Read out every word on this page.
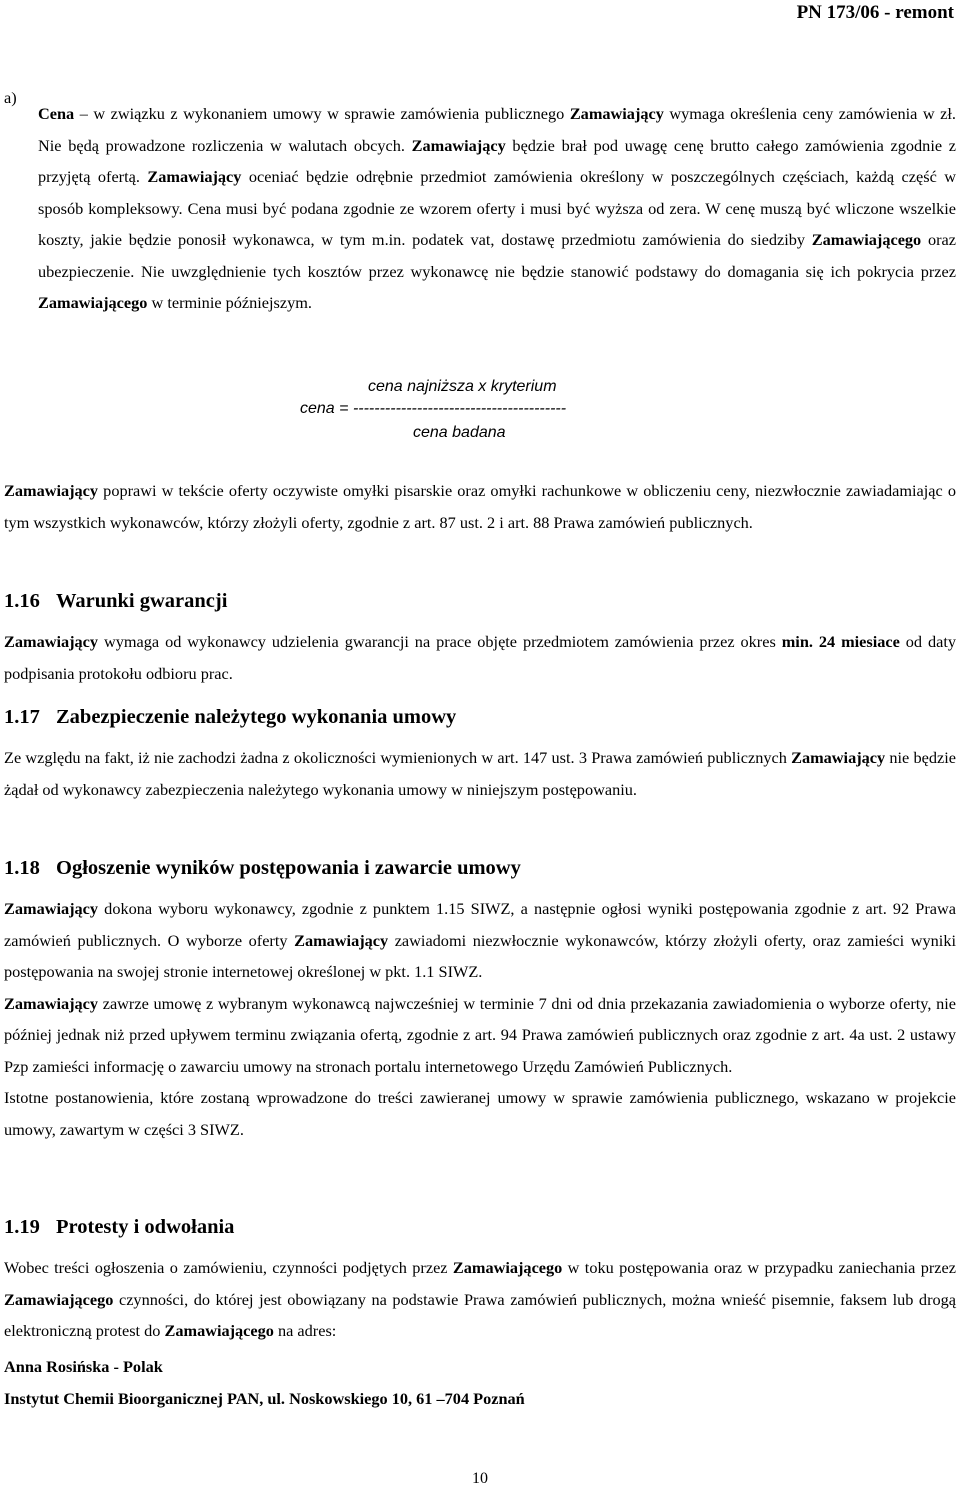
PN 173/06 - remont
a)

Cena – w związku z wykonaniem umowy w sprawie zamówienia publicznego Zamawiający wymaga określenia ceny zamówienia w zł. Nie będą prowadzone rozliczenia w walutach obcych. Zamawiający będzie brał pod uwagę cenę brutto całego zamówienia zgodnie z przyjętą ofertą. Zamawiający oceniać będzie odrębnie przedmiot zamówienia określony w poszczególnych częściach, każdą część w sposób kompleksowy. Cena musi być podana zgodnie ze wzorem oferty i musi być wyższa od zera. W cenę muszą być wliczone wszelkie koszty, jakie będzie ponosił wykonawca, w tym m.in. podatek vat, dostawę przedmiotu zamówienia do siedziby Zamawiającego oraz ubezpieczenie. Nie uwzględnienie tych kosztów przez wykonawcę nie będzie stanowić podstawy do domagania się ich pokrycia przez Zamawiającego w terminie późniejszym.

cena najniższa x kryterium
cena = ----------------------------------------
cena badana

Zamawiający poprawi w tekście oferty oczywiste omyłki pisarskie oraz omyłki rachunkowe w obliczeniu ceny, niezwłocznie zawiadamiając o tym wszystkich wykonawców, którzy złożyli oferty, zgodnie z art. 87 ust. 2 i art. 88 Prawa zamówień publicznych.

1.16 Warunki gwarancji

Zamawiający wymaga od wykonawcy udzielenia gwarancji na prace objęte przedmiotem zamówienia przez okres min. 24 miesiace od daty podpisania protokołu odbioru prac.

1.17 Zabezpieczenie należytego wykonania umowy

Ze względu na fakt, iż nie zachodzi żadna z okoliczności wymienionych w art. 147 ust. 3 Prawa zamówień publicznych Zamawiający nie będzie żądał od wykonawcy zabezpieczenia należytego wykonania umowy w niniejszym postępowaniu.

1.18 Ogłoszenie wyników postępowania i zawarcie umowy

Zamawiający dokona wyboru wykonawcy, zgodnie z punktem 1.15 SIWZ, a następnie ogłosi wyniki postępowania zgodnie z art. 92 Prawa zamówień publicznych. O wyborze oferty Zamawiający zawiadomi niezwłocznie wykonawców, którzy złożyli oferty, oraz zamieści wyniki postępowania na swojej stronie internetowej określonej w pkt. 1.1 SIWZ.

Zamawiający zawrze umowę z wybranym wykonawcą najwcześniej w terminie 7 dni od dnia przekazania zawiadomienia o wyborze oferty, nie później jednak niż przed upływem terminu związania ofertą, zgodnie z art. 94 Prawa zamówień publicznych oraz zgodnie z art. 4a ust. 2 ustawy Pzp zamieści informację o zawarciu umowy na stronach portalu internetowego Urzędu Zamówień Publicznych.

Istotne postanowienia, które zostaną wprowadzone do treści zawieranej umowy w sprawie zamówienia publicznego, wskazano w projekcie umowy, zawartym w części 3 SIWZ.

1.19 Protesty i odwołania

Wobec treści ogłoszenia o zamówieniu, czynności podjętych przez Zamawiającego w toku postępowania oraz w przypadku zaniechania przez Zamawiającego czynności, do której jest obowiązany na podstawie Prawa zamówień publicznych, można wnieść pisemnie, faksem lub drogą elektroniczną protest do Zamawiającego na adres:

Anna Rosińska - Polak
Instytut Chemii Bioorganicznej PAN, ul. Noskowskiego 10, 61 –704 Poznań
10
